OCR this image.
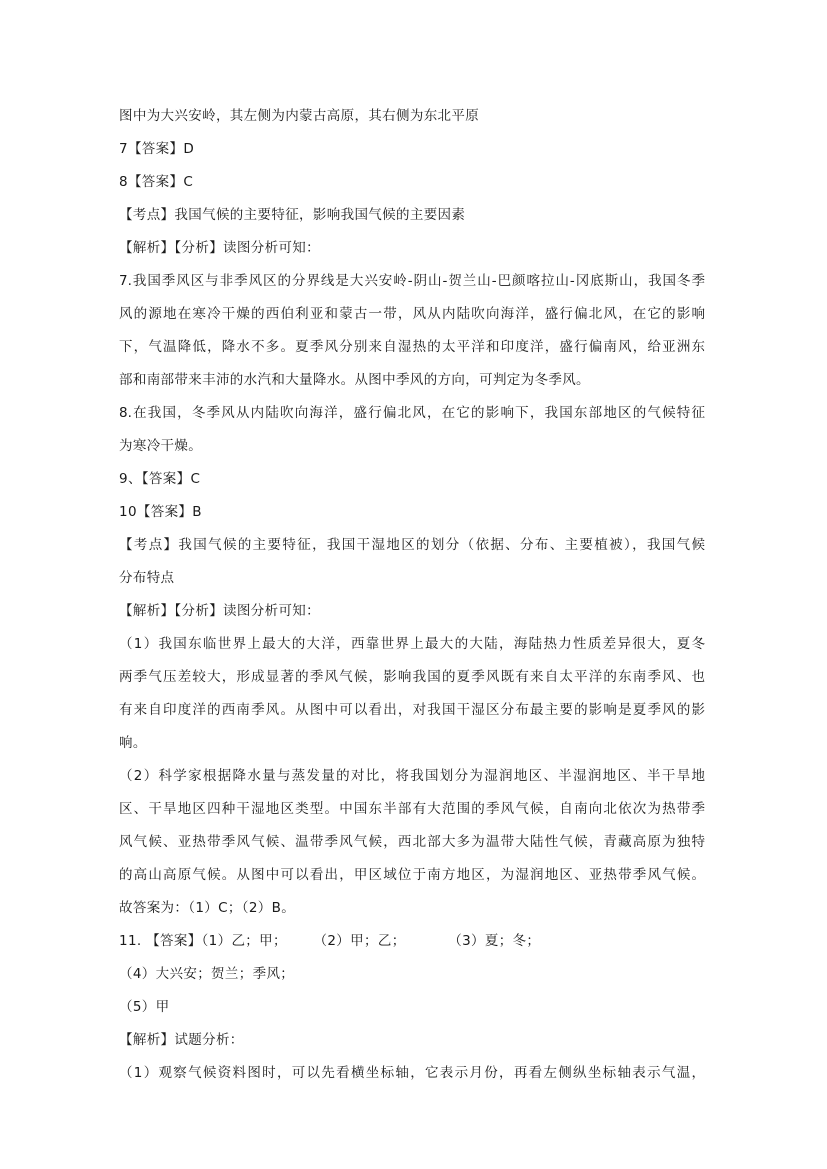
图中为大兴安岭，其左侧为内蒙古高原，其右侧为东北平原
7【答案】D
8【答案】C
【考点】我国气候的主要特征，影响我国气候的主要因素
【解析】【分析】读图分析可知：
7.我国季风区与非季风区的分界线是大兴安岭-阴山-贺兰山-巴颜喀拉山-冈底斯山，我国冬季
风的源地在寒冷干燥的西伯利亚和蒙古一带，风从内陆吹向海洋，盛行偏北风，在它的影响
下，气温降低，降水不多。夏季风分别来自湿热的太平洋和印度洋，盛行偏南风，给亚洲东
部和南部带来丰沛的水汽和大量降水。从图中季风的方向，可判定为冬季风。
8.在我国，冬季风从内陆吹向海洋，盛行偏北风，在它的影响下，我国东部地区的气候特征
为寒冷干燥。
9、【答案】C
10【答案】B
【考点】我国气候的主要特征，我国干湿地区的划分（依据、分布、主要植被），我国气候
分布特点
【解析】【分析】读图分析可知：
（1）我国东临世界上最大的大洋，西靠世界上最大的大陆，海陆热力性质差异很大，夏冬
两季气压差较大，形成显著的季风气候，影响我国的夏季风既有来自太平洋的东南季风、也
有来自印度洋的西南季风。从图中可以看出，对我国干湿区分布最主要的影响是夏季风的影
响。
（2）科学家根据降水量与蒸发量的对比，将我国划分为湿润地区、半湿润地区、半干旱地
区、干旱地区四种干湿地区类型。中国东半部有大范围的季风气候，自南向北依次为热带季
风气候、亚热带季风气候、温带季风气候，西北部大多为温带大陆性气候，青藏高原为独特
的高山高原气候。从图中可以看出，甲区域位于南方地区，为湿润地区、亚热带季风气候。
故答案为：（1）C；（2）B。
11. 【答案】（1）乙；甲； （2）甲；乙；	（3）夏；冬；
（4）大兴安；贺兰；季风；
（5）甲
【解析】试题分析：
（1）观察气候资料图时，可以先看横坐标轴，它表示月份，再看左侧纵坐标轴表示气温，
